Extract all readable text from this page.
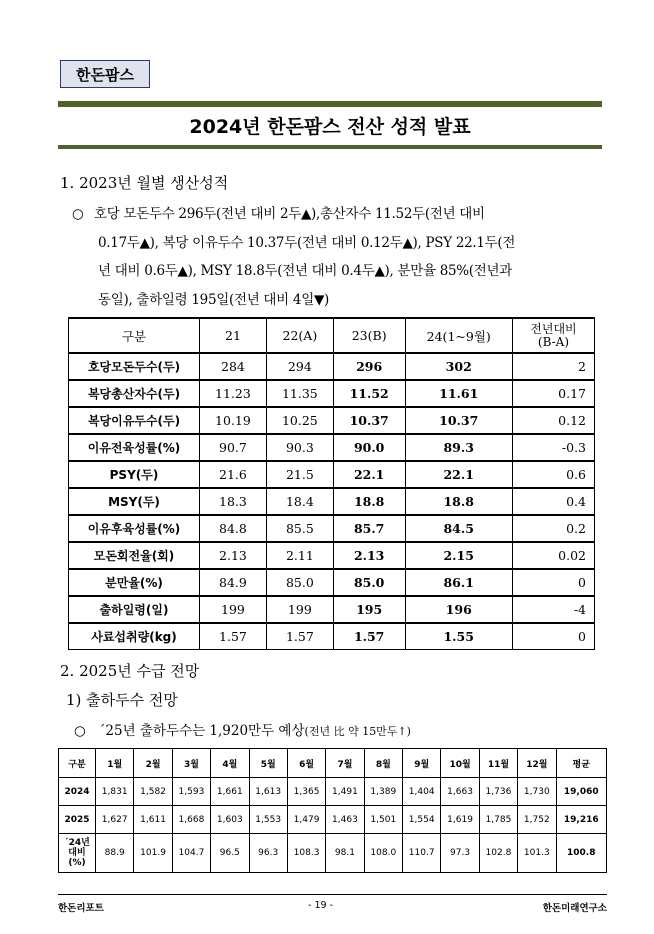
한돈팜스
2024년 한돈팜스 전산 성적 발표
1. 2023년 월별 생산성적
○ 호당 모돈두수 296두(전년 대비 2두▲),총산자수 11.52두(전년 대비
0.17두▲), 복당 이유두수 10.37두(전년 대비 0.12두▲), PSY 22.1두(전
년 대비 0.6두▲), MSY 18.8두(전년 대비 0.4두▲), 분만율 85%(전년과
동일), 출하일령 195일(전년 대비 4일▼)
구분	21	22(A)	23(B)	24(1~9월)	전년대비
(B-A)
호당모돈두수(두)	284	294	296	302	2
복당총산자수(두)	11.23	11.35	11.52	11.61	0.17
복당이유두수(두)	10.19	10.25	10.37	10.37	0.12
이유전육성률(%)	90.7	90.3	90.0	89.3	-0.3
PSY(두)	21.6	21.5	22.1	22.1	0.6
MSY(두)	18.3	18.4	18.8	18.8	0.4
이유후육성률(%)	84.8	85.5	85.7	84.5	0.2
모돈회전율(회)	2.13	2.11	2.13	2.15	0.02
분만율(%)	84.9	85.0	85.0	86.1	0
출하일령(일)	199	199	195	196	-4
사료섭취량(kg)	1.57	1.57	1.57	1.55	0
2. 2025년 수급 전망
1) 출하두수 전망
○ ´25년 출하두수는 1,920만두 예상(전년 比 약 15만두↑)
구분	1월	2월	3월	4월	5월	6월	7월	8월	9월	10월	11월	12월	평균
2024	1,831	1,582	1,593	1,661	1,613	1,365	1,491	1,389	1,404	1,663	1,736	1,730	19,060
2025	1,627	1,611	1,668	1,603	1,553	1,479	1,463	1,501	1,554	1,619	1,785	1,752	19,216
´24년
대비
(%)	88.9	101.9	104.7	96.5	96.3	108.3	98.1	108.0	110.7	97.3	102.8	101.3	100.8
한돈리포트	- 19 -	한돈미래연구소
